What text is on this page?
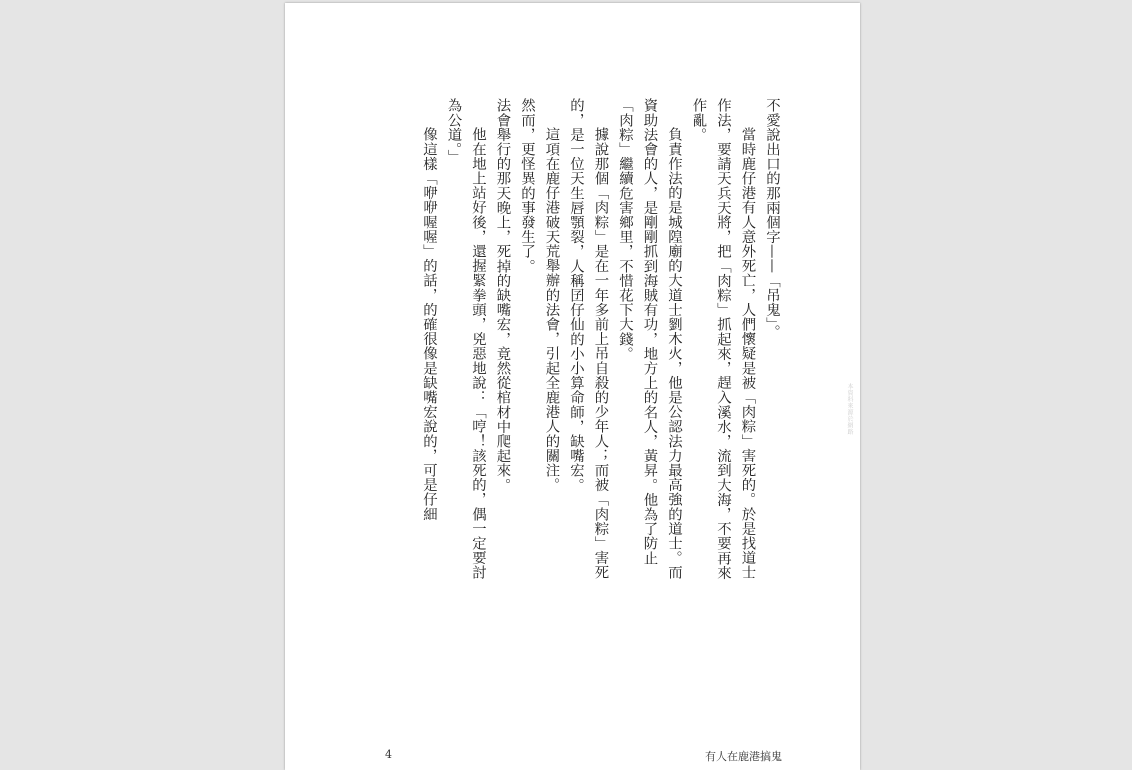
不愛說出口的那兩個字——「吊鬼」。

當時鹿仔港有人意外死亡，人們懷疑是被「肉粽」害死的。於是找道士作法，要請天兵天將，把「肉粽」抓起來，趕入溪水，流到大海，不要再來作亂。

負責作法的是城隍廟的大道士劉木火，他是公認法力最高強的道士。而資助法會的人，是剛剛抓到海賊有功，地方上的名人，黃昇。他為了防止「肉粽」繼續危害鄉里，不惜花下大錢。

據說那個「肉粽」是在一年多前上吊自殺的少年人；而被「肉粽」害死的，是一位天生唇顎裂，人稱囝仔仙的小小算命師，缺嘴宏。

這項在鹿仔港破天荒舉辦的法會，引起全鹿港人的關注。

然而，更怪異的事發生了。

法會舉行的那天晚上，死掉的缺嘴宏，竟然從棺材中爬起來。

他在地上站好後，還握緊拳頭，兇惡地說：「哼！該死的，偶一定要討為公道。」

像這樣「咿咿喔喔」的話，的確很像是缺嘴宏說的，可是仔細	本資料來源於網路
4	有人在鹿港搞鬼
